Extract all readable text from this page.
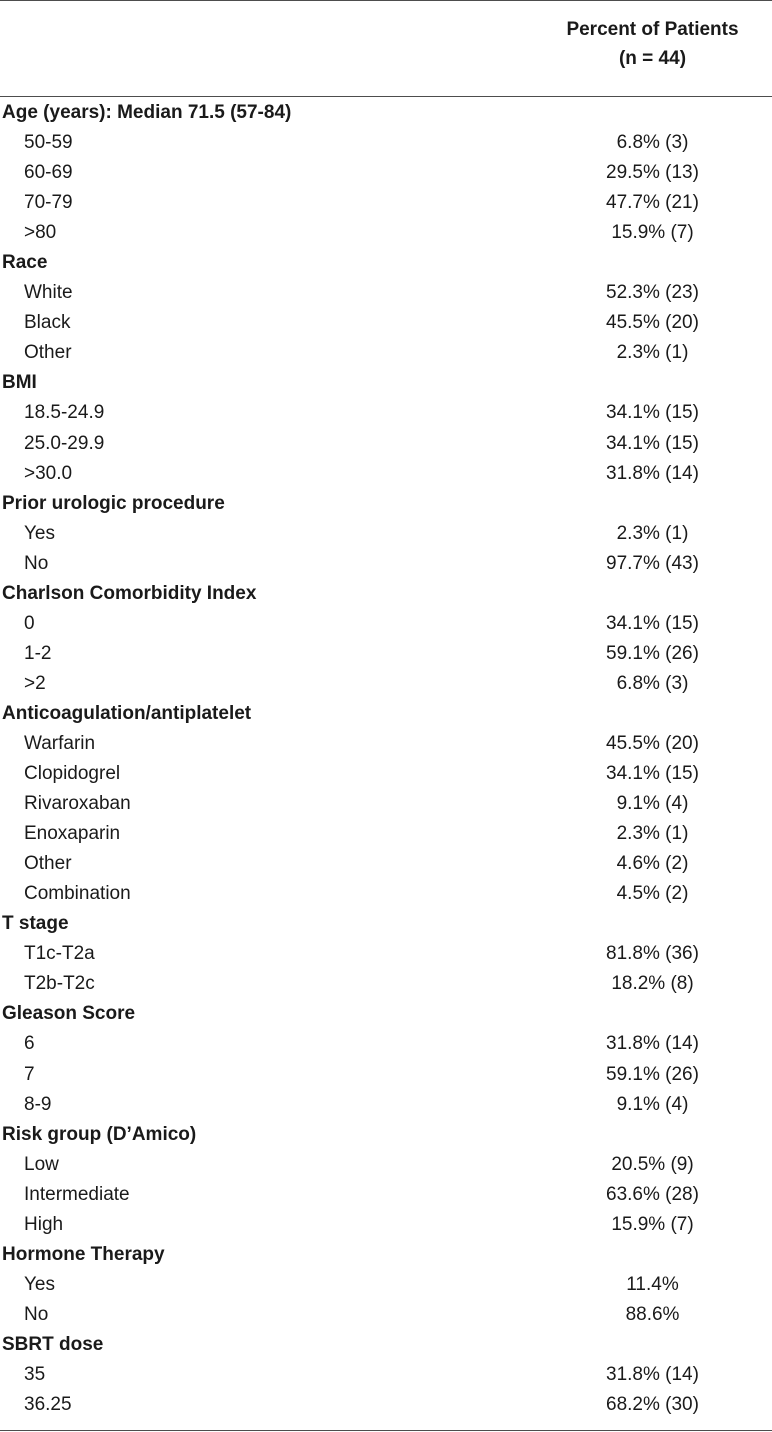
Percent of Patients
(n = 44)
Age (years): Median 71.5 (57-84)
50-59	6.8% (3)
60-69	29.5% (13)
70-79	47.7% (21)
>80	15.9% (7)
Race
White	52.3% (23)
Black	45.5% (20)
Other	2.3% (1)
BMI
18.5-24.9	34.1% (15)
25.0-29.9	34.1% (15)
>30.0	31.8% (14)
Prior urologic procedure
Yes	2.3% (1)
No	97.7% (43)
Charlson Comorbidity Index
0	34.1% (15)
1-2	59.1% (26)
>2	6.8% (3)
Anticoagulation/antiplatelet
Warfarin	45.5% (20)
Clopidogrel	34.1% (15)
Rivaroxaban	9.1% (4)
Enoxaparin	2.3% (1)
Other	4.6% (2)
Combination	4.5% (2)
T stage
T1c-T2a	81.8% (36)
T2b-T2c	18.2% (8)
Gleason Score
6	31.8% (14)
7	59.1% (26)
8-9	9.1% (4)
Risk group (D’Amico)
Low	20.5% (9)
Intermediate	63.6% (28)
High	15.9% (7)
Hormone Therapy
Yes	11.4%
No	88.6%
SBRT dose
35	31.8% (14)
36.25	68.2% (30)
